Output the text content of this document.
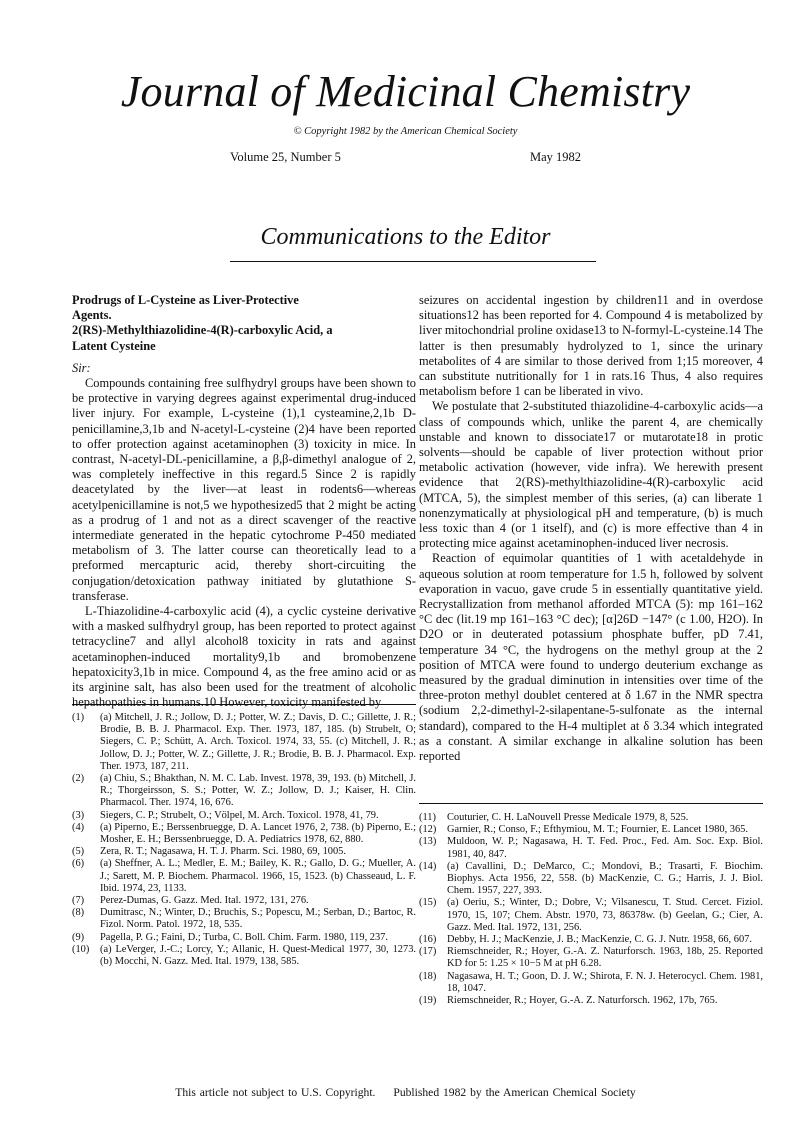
Journal of Medicinal Chemistry
© Copyright 1982 by the American Chemical Society
Volume 25, Number 5	May 1982
Communications to the Editor
Prodrugs of L-Cysteine as Liver-Protective
Agents.
2(RS)-Methylthiazolidine-4(R)-carboxylic Acid, a
Latent Cysteine
Sir:

Compounds containing free sulfhydryl groups have been shown to be protective in varying degrees against experimental drug-induced liver injury. For example, L-cysteine (1),1 cysteamine,2,1b D-penicillamine,3,1b and N-acetyl-L-cysteine (2)4 have been reported to offer protection against acetaminophen (3) toxicity in mice. In contrast, N-acetyl-DL-penicillamine, a β,β-dimethyl analogue of 2, was completely ineffective in this regard.5 Since 2 is rapidly deacetylated by the liver—at least in rodents6—whereas acetylpenicillamine is not,5 we hypothesized5 that 2 might be acting as a prodrug of 1 and not as a direct scavenger of the reactive intermediate generated in the hepatic cytochrome P-450 mediated metabolism of 3. The latter course can theoretically lead to a preformed mercapturic acid, thereby short-circuiting the conjugation/detoxication pathway initiated by glutathione S-transferase.

L-Thiazolidine-4-carboxylic acid (4), a cyclic cysteine derivative with a masked sulfhydryl group, has been reported to protect against tetracycline7 and allyl alcohol8 toxicity in rats and against acetaminophen-induced mortality9,1b and bromobenzene hepatoxicity3,1b in mice. Compound 4, as the free amino acid or as its arginine salt, has also been used for the treatment of alcoholic hepathopathies in humans.10 However, toxicity manifested by

seizures on accidental ingestion by children11 and in overdose situations12 has been reported for 4. Compound 4 is metabolized by liver mitochondrial proline oxidase13 to N-formyl-L-cysteine.14 The latter is then presumably hydrolyzed to 1, since the urinary metabolites of 4 are similar to those derived from 1;15 moreover, 4 can substitute nutritionally for 1 in rats.16 Thus, 4 also requires metabolism before 1 can be liberated in vivo.

We postulate that 2-substituted thiazolidine-4-carboxylic acids—a class of compounds which, unlike the parent 4, are chemically unstable and known to dissociate17 or mutarotate18 in protic solvents—should be capable of liver protection without prior metabolic activation (however, vide infra). We herewith present evidence that 2(RS)-methylthiazolidine-4(R)-carboxylic acid (MTCA, 5), the simplest member of this series, (a) can liberate 1 nonenzymatically at physiological pH and temperature, (b) is much less toxic than 4 (or 1 itself), and (c) is more effective than 4 in protecting mice against acetaminophen-induced liver necrosis.

Reaction of equimolar quantities of 1 with acetaldehyde in aqueous solution at room temperature for 1.5 h, followed by solvent evaporation in vacuo, gave crude 5 in essentially quantitative yield. Recrystallization from methanol afforded MTCA (5): mp 161–162 °C dec (lit.19 mp 161–163 °C dec); [α]26D −147° (c 1.00, H2O). In D2O or in deuterated potassium phosphate buffer, pD 7.41, temperature 34 °C, the hydrogens on the methyl group at the 2 position of MTCA were found to undergo deuterium exchange as measured by the gradual diminution in intensities over time of the three-proton methyl doublet centered at δ 1.67 in the NMR spectra (sodium 2,2-dimethyl-2-silapentane-5-sulfonate as the internal standard), compared to the H-4 multiplet at δ 3.34 which integrated as a constant. A similar exchange in alkaline solution has been reported

(1)	(a) Mitchell, J. R.; Jollow, D. J.; Potter, W. Z.; Davis, D. C.; Gillette, J. R.; Brodie, B. B. J. Pharmacol. Exp. Ther. 1973, 187, 185. (b) Strubelt, O; Siegers, C. P.; Schütt, A. Arch. Toxicol. 1974, 33, 55. (c) Mitchell, J. R.; Jollow, D. J.; Potter, W. Z.; Gillette, J. R.; Brodie, B. B. J. Pharmacol. Exp. Ther. 1973, 187, 211.
(2)	(a) Chiu, S.; Bhakthan, N. M. C. Lab. Invest. 1978, 39, 193. (b) Mitchell, J. R.; Thorgeirsson, S. S.; Potter, W. Z.; Jollow, D. J.; Kaiser, H. Clin. Pharmacol. Ther. 1974, 16, 676.
(3)	Siegers, C. P.; Strubelt, O.; Völpel, M. Arch. Toxicol. 1978, 41, 79.
(4)	(a) Piperno, E.; Berssenbruegge, D. A. Lancet 1976, 2, 738. (b) Piperno, E.; Mosher, E. H.; Berssenbruegge, D. A. Pediatrics 1978, 62, 880.
(5)	Zera, R. T.; Nagasawa, H. T. J. Pharm. Sci. 1980, 69, 1005.
(6)	(a) Sheffner, A. L.; Medler, E. M.; Bailey, K. R.; Gallo, D. G.; Mueller, A. J.; Sarett, M. P. Biochem. Pharmacol. 1966, 15, 1523. (b) Chasseaud, L. F. Ibid. 1974, 23, 1133.
(7)	Perez-Dumas, G. Gazz. Med. Ital. 1972, 131, 276.
(8)	Dumitrasc, N.; Winter, D.; Bruchis, S.; Popescu, M.; Serban, D.; Bartoc, R. Fizol. Norm. Patol. 1972, 18, 535.
(9)	Pagella, P. G.; Faini, D.; Turba, C. Boll. Chim. Farm. 1980, 119, 237.
(10)	(a) LeVerger, J.-C.; Lorcy, Y.; Allanic, H. Quest-Medical 1977, 30, 1273. (b) Mocchi, N. Gazz. Med. Ital. 1979, 138, 585.
(11)	Couturier, C. H. LaNouvell Presse Medicale 1979, 8, 525.
(12)	Garnier, R.; Conso, F.; Efthymiou, M. T.; Fournier, E. Lancet 1980, 365.
(13)	Muldoon, W. P.; Nagasawa, H. T. Fed. Proc., Fed. Am. Soc. Exp. Biol. 1981, 40, 847.
(14)	(a) Cavallini, D.; DeMarco, C.; Mondovi, B.; Trasarti, F. Biochim. Biophys. Acta 1956, 22, 558. (b) MacKenzie, C. G.; Harris, J. J. Biol. Chem. 1957, 227, 393.
(15)	(a) Oeriu, S.; Winter, D.; Dobre, V.; Vilsanescu, T. Stud. Cercet. Fiziol. 1970, 15, 107; Chem. Abstr. 1970, 73, 86378w. (b) Geelan, G.; Cier, A. Gazz. Med. Ital. 1972, 131, 256.
(16)	Debby, H. J.; MacKenzie, J. B.; MacKenzie, C. G. J. Nutr. 1958, 66, 607.
(17)	Riemschneider, R.; Hoyer, G.-A. Z. Naturforsch. 1963, 18b, 25. Reported KD for 5: 1.25 × 10−5 M at pH 6.28.
(18)	Nagasawa, H. T.; Goon, D. J. W.; Shirota, F. N. J. Heterocycl. Chem. 1981, 18, 1047.
(19)	Riemschneider, R.; Hoyer, G.-A. Z. Naturforsch. 1962, 17b, 765.
This article not subject to U.S. Copyright. Published 1982 by the American Chemical Society
